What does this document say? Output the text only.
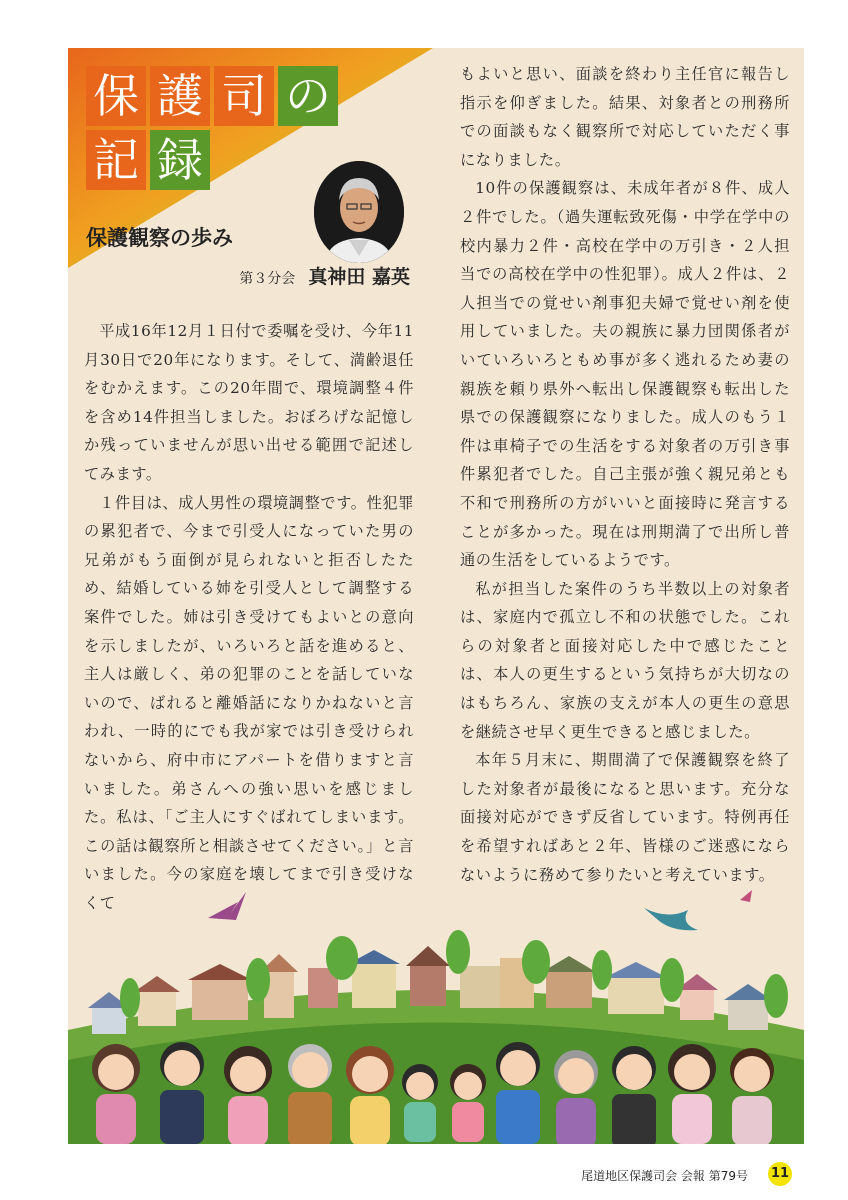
保 護 司 の
記 録
保護観察の歩み
第３分会 真神田 嘉英

平成16年12月１日付で委嘱を受け、今年11月30日で20年になります。そして、満齢退任をむかえます。この20年間で、環境調整４件を含め14件担当しました。おぼろげな記憶しか残っていませんが思い出せる範囲で記述してみます。

１件目は、成人男性の環境調整です。性犯罪の累犯者で、今まで引受人になっていた男の兄弟がもう面倒が見られないと拒否したため、結婚している姉を引受人として調整する案件でした。姉は引き受けてもよいとの意向を示しましたが、いろいろと話を進めると、主人は厳しく、弟の犯罪のことを話していないので、ばれると離婚話になりかねないと言われ、一時的にでも我が家では引き受けられないから、府中市にアパートを借りますと言いました。弟さんへの強い思いを感じました。私は、「ご主人にすぐばれてしまいます。この話は観察所と相談させてください。」と言いました。今の家庭を壊してまで引き受けなくて

もよいと思い、面談を終わり主任官に報告し指示を仰ぎました。結果、対象者との刑務所での面談もなく観察所で対応していただく事になりました。

10件の保護観察は、未成年者が８件、成人２件でした。（過失運転致死傷・中学在学中の校内暴力２件・高校在学中の万引き・２人担当での高校在学中の性犯罪）。成人２件は、２人担当での覚せい剤事犯夫婦で覚せい剤を使用していました。夫の親族に暴力団関係者がいていろいろともめ事が多く逃れるため妻の親族を頼り県外へ転出し保護観察も転出した県での保護観察になりました。成人のもう１件は車椅子での生活をする対象者の万引き事件累犯者でした。自己主張が強く親兄弟とも不和で刑務所の方がいいと面接時に発言することが多かった。現在は刑期満了で出所し普通の生活をしているようです。

私が担当した案件のうち半数以上の対象者は、家庭内で孤立し不和の状態でした。これらの対象者と面接対応した中で感じたことは、本人の更生するという気持ちが大切なのはもちろん、家族の支えが本人の更生の意思を継続させ早く更生できると感じました。

本年５月末に、期間満了で保護観察を終了した対象者が最後になると思います。充分な面接対応ができず反省しています。特例再任を希望すればあと２年、皆様のご迷惑にならないように務めて参りたいと考えています。

尾道地区保護司会 会報 第79号 11
